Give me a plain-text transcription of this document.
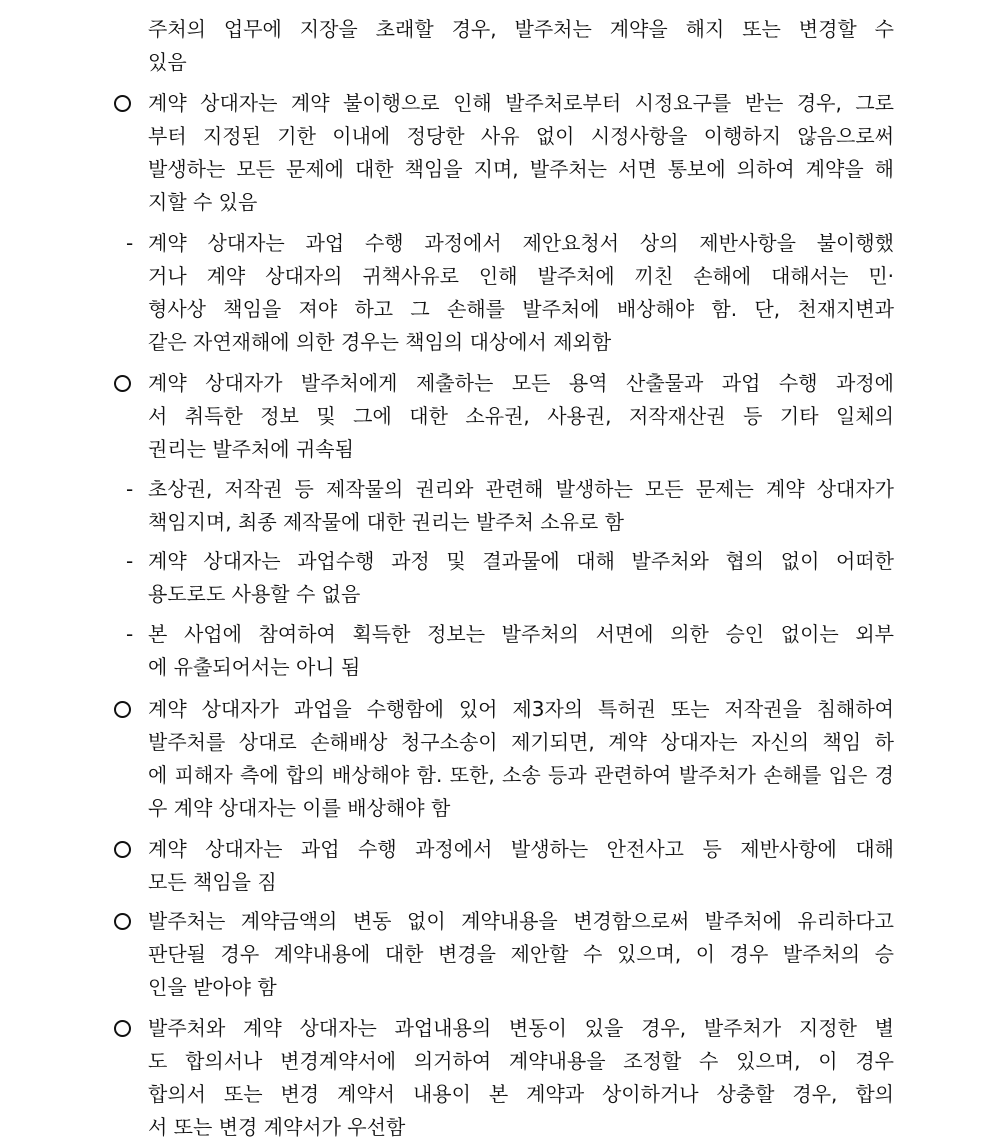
주처의 업무에 지장을 초래할 경우, 발주처는 계약을 해지 또는 변경할 수
있음
계약 상대자는 계약 불이행으로 인해 발주처로부터 시정요구를 받는 경우, 그로
부터 지정된 기한 이내에 정당한 사유 없이 시정사항을 이행하지 않음으로써
발생하는 모든 문제에 대한 책임을 지며, 발주처는 서면 통보에 의하여 계약을 해
지할 수 있음
- 계약 상대자는 과업 수행 과정에서 제안요청서 상의 제반사항을 불이행했
거나 계약 상대자의 귀책사유로 인해 발주처에 끼친 손해에 대해서는 민·
형사상 책임을 져야 하고 그 손해를 발주처에 배상해야 함. 단, 천재지변과
같은 자연재해에 의한 경우는 책임의 대상에서 제외함
계약 상대자가 발주처에게 제출하는 모든 용역 산출물과 과업 수행 과정에
서 취득한 정보 및 그에 대한 소유권, 사용권, 저작재산권 등 기타 일체의
권리는 발주처에 귀속됨
- 초상권, 저작권 등 제작물의 권리와 관련해 발생하는 모든 문제는 계약 상대자가
책임지며, 최종 제작물에 대한 권리는 발주처 소유로 함
- 계약 상대자는 과업수행 과정 및 결과물에 대해 발주처와 협의 없이 어떠한
용도로도 사용할 수 없음
- 본 사업에 참여하여 획득한 정보는 발주처의 서면에 의한 승인 없이는 외부
에 유출되어서는 아니 됨
계약 상대자가 과업을 수행함에 있어 제3자의 특허권 또는 저작권을 침해하여
발주처를 상대로 손해배상 청구소송이 제기되면, 계약 상대자는 자신의 책임 하
에 피해자 측에 합의 배상해야 함. 또한, 소송 등과 관련하여 발주처가 손해를 입은 경
우 계약 상대자는 이를 배상해야 함
계약 상대자는 과업 수행 과정에서 발생하는 안전사고 등 제반사항에 대해
모든 책임을 짐
발주처는 계약금액의 변동 없이 계약내용을 변경함으로써 발주처에 유리하다고
판단될 경우 계약내용에 대한 변경을 제안할 수 있으며, 이 경우 발주처의 승
인을 받아야 함
발주처와 계약 상대자는 과업내용의 변동이 있을 경우, 발주처가 지정한 별
도 합의서나 변경계약서에 의거하여 계약내용을 조정할 수 있으며, 이 경우
합의서 또는 변경 계약서 내용이 본 계약과 상이하거나 상충할 경우, 합의
서 또는 변경 계약서가 우선함
